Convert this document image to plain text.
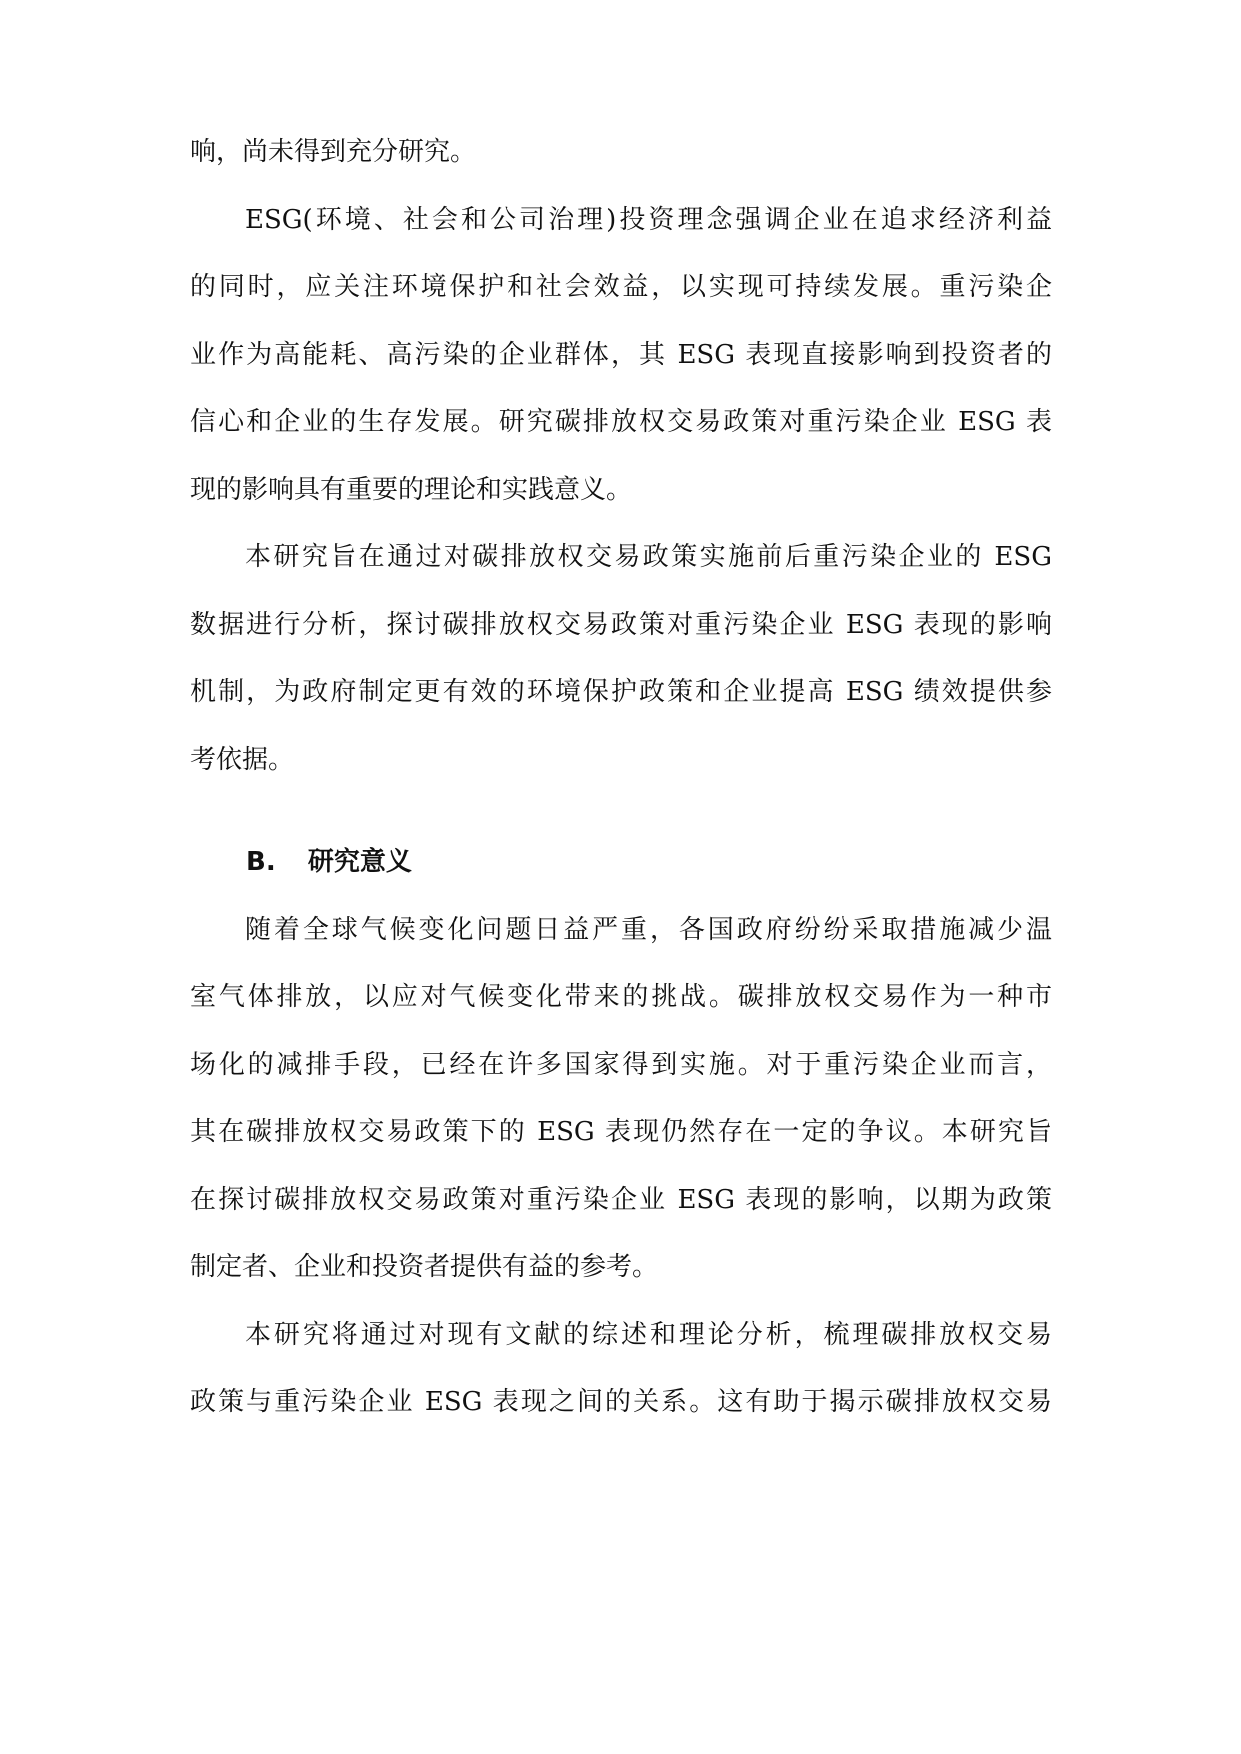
响，尚未得到充分研究。
ESG(环境、社会和公司治理)投资理念强调企业在追求经济利益
的同时，应关注环境保护和社会效益，以实现可持续发展。重污染企
业作为高能耗、高污染的企业群体，其 ESG 表现直接影响到投资者的
信心和企业的生存发展。研究碳排放权交易政策对重污染企业 ESG 表
现的影响具有重要的理论和实践意义。
本研究旨在通过对碳排放权交易政策实施前后重污染企业的 ESG
数据进行分析，探讨碳排放权交易政策对重污染企业 ESG 表现的影响
机制，为政府制定更有效的环境保护政策和企业提高 ESG 绩效提供参
考依据。
B. 研究意义
随着全球气候变化问题日益严重，各国政府纷纷采取措施减少温
室气体排放，以应对气候变化带来的挑战。碳排放权交易作为一种市
场化的减排手段，已经在许多国家得到实施。对于重污染企业而言，
其在碳排放权交易政策下的 ESG 表现仍然存在一定的争议。本研究旨
在探讨碳排放权交易政策对重污染企业 ESG 表现的影响，以期为政策
制定者、企业和投资者提供有益的参考。
本研究将通过对现有文献的综述和理论分析，梳理碳排放权交易
政策与重污染企业 ESG 表现之间的关系。这有助于揭示碳排放权交易
